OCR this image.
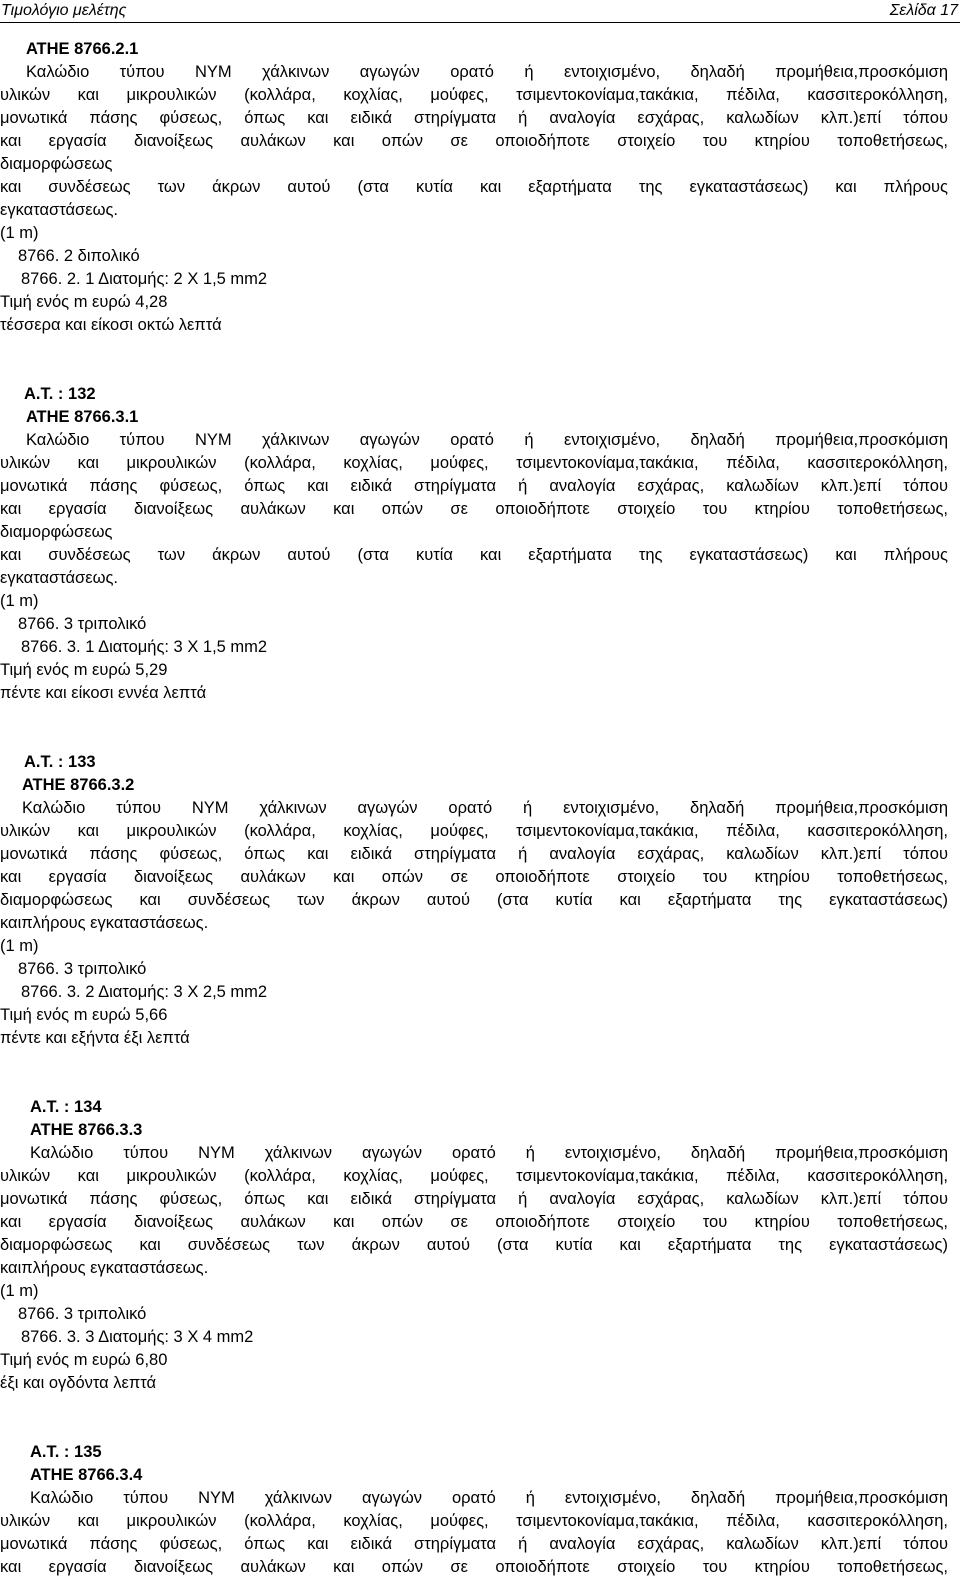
Τιμολόγιο μελέτης	Σελίδα 17
ΑΤΗΕ 8766.2.1
Καλώδιο τύπου ΝΥΜ χάλκινων αγωγών ορατό ή εντοιχισμένο, δηλαδή προμήθεια,προσκόμιση
υλικών και μικρουλικών (κολλάρα, κοχλίας, μούφες, τσιμεντοκονίαμα,τακάκια, πέδιλα, κασσιτεροκόλληση,
μονωτικά πάσης φύσεως, όπως και ειδικά στηρίγματα ή αναλογία εσχάρας, καλωδίων κλπ.)επί τόπου
και εργασία διανοίξεως αυλάκων και οπών σε οποιοδήποτε στοιχείο του κτηρίου τοποθετήσεως,
διαμορφώσεως
και συνδέσεως των άκρων αυτού (στα κυτία και εξαρτήματα της εγκαταστάσεως) και πλήρους
εγκαταστάσεως.
(1 m)
8766. 2 διπολικό
8766. 2. 1 Διατομής: 2 X 1,5 mm2
Τιμή ενός m ευρώ 4,28
τέσσερα και είκοσι οκτώ λεπτά
Α.Τ. : 132
ΑΤΗΕ 8766.3.1
Καλώδιο τύπου ΝΥΜ χάλκινων αγωγών ορατό ή εντοιχισμένο, δηλαδή προμήθεια,προσκόμιση
υλικών και μικρουλικών (κολλάρα, κοχλίας, μούφες, τσιμεντοκονίαμα,τακάκια, πέδιλα, κασσιτεροκόλληση,
μονωτικά πάσης φύσεως, όπως και ειδικά στηρίγματα ή αναλογία εσχάρας, καλωδίων κλπ.)επί τόπου
και εργασία διανοίξεως αυλάκων και οπών σε οποιοδήποτε στοιχείο του κτηρίου τοποθετήσεως,
διαμορφώσεως
και συνδέσεως των άκρων αυτού (στα κυτία και εξαρτήματα της εγκαταστάσεως) και πλήρους
εγκαταστάσεως.
(1 m)
8766. 3 τριπολικό
8766. 3. 1 Διατομής: 3 X 1,5 mm2
Τιμή ενός m ευρώ 5,29
πέντε και είκοσι εννέα λεπτά
Α.Τ. : 133
ΑΤΗΕ 8766.3.2
Καλώδιο τύπου ΝΥΜ χάλκινων αγωγών ορατό ή εντοιχισμένο, δηλαδή προμήθεια,προσκόμιση
υλικών και μικρουλικών (κολλάρα, κοχλίας, μούφες, τσιμεντοκονίαμα,τακάκια, πέδιλα, κασσιτεροκόλληση,
μονωτικά πάσης φύσεως, όπως και ειδικά στηρίγματα ή αναλογία εσχάρας, καλωδίων κλπ.)επί τόπου
και εργασία διανοίξεως αυλάκων και οπών σε οποιοδήποτε στοιχείο του κτηρίου τοποθετήσεως,
διαμορφώσεως και συνδέσεως των άκρων αυτού (στα κυτία και εξαρτήματα της εγκαταστάσεως)
καιπλήρους εγκαταστάσεως.
(1 m)
8766. 3 τριπολικό
8766. 3. 2 Διατομής: 3 X 2,5 mm2
Τιμή ενός m ευρώ 5,66
πέντε και εξήντα έξι λεπτά
Α.Τ. : 134
ΑΤΗΕ 8766.3.3
Καλώδιο τύπου ΝΥΜ χάλκινων αγωγών ορατό ή εντοιχισμένο, δηλαδή προμήθεια,προσκόμιση
υλικών και μικρουλικών (κολλάρα, κοχλίας, μούφες, τσιμεντοκονίαμα,τακάκια, πέδιλα, κασσιτεροκόλληση,
μονωτικά πάσης φύσεως, όπως και ειδικά στηρίγματα ή αναλογία εσχάρας, καλωδίων κλπ.)επί τόπου
και εργασία διανοίξεως αυλάκων και οπών σε οποιοδήποτε στοιχείο του κτηρίου τοποθετήσεως,
διαμορφώσεως και συνδέσεως των άκρων αυτού (στα κυτία και εξαρτήματα της εγκαταστάσεως)
καιπλήρους εγκαταστάσεως.
(1 m)
8766. 3 τριπολικό
8766. 3. 3 Διατομής: 3 X 4 mm2
Τιμή ενός m ευρώ 6,80
έξι και ογδόντα λεπτά
Α.Τ. : 135
ΑΤΗΕ 8766.3.4
Καλώδιο τύπου ΝΥΜ χάλκινων αγωγών ορατό ή εντοιχισμένο, δηλαδή προμήθεια,προσκόμιση
υλικών και μικρουλικών (κολλάρα, κοχλίας, μούφες, τσιμεντοκονίαμα,τακάκια, πέδιλα, κασσιτεροκόλληση,
μονωτικά πάσης φύσεως, όπως και ειδικά στηρίγματα ή αναλογία εσχάρας, καλωδίων κλπ.)επί τόπου
και εργασία διανοίξεως αυλάκων και οπών σε οποιοδήποτε στοιχείο του κτηρίου τοποθετήσεως,
